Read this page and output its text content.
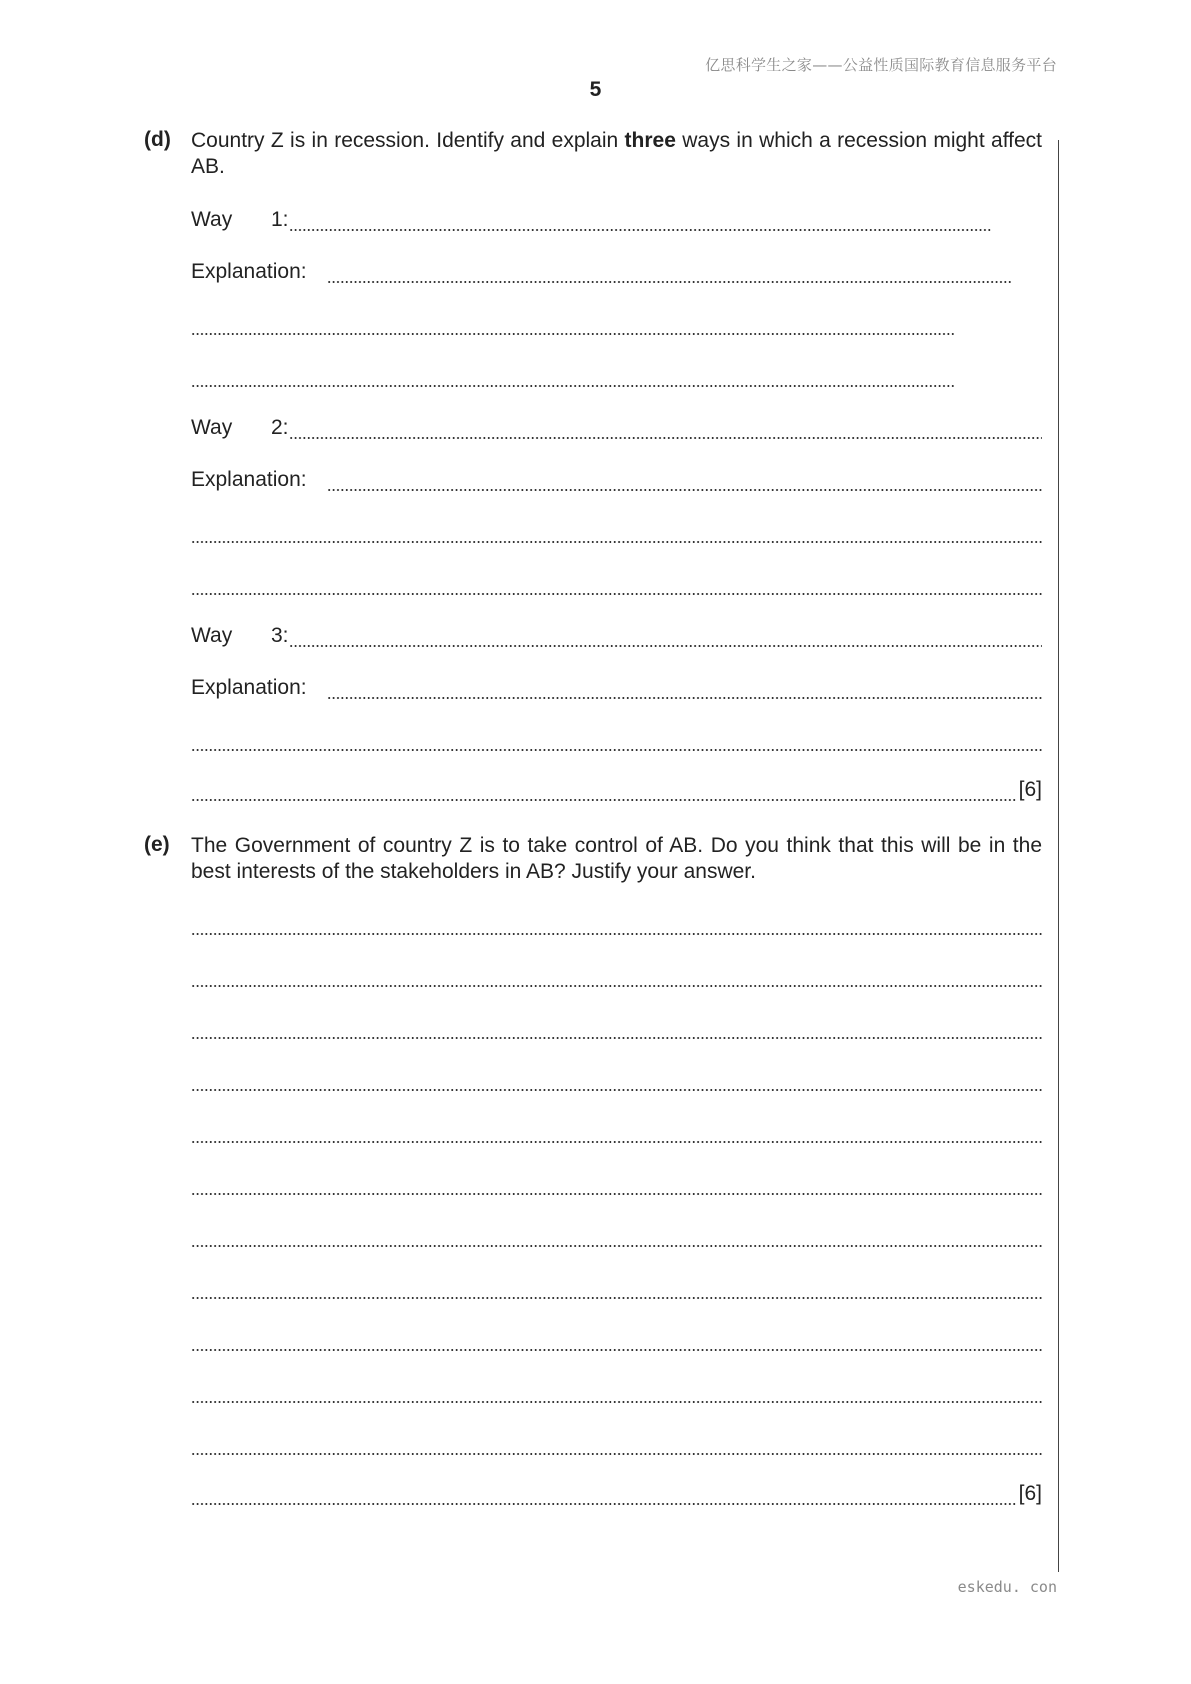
亿思科学生之家——公益性质国际教育信息服务平台
5
(d) Country Z is in recession. Identify and explain three ways in which a recession might affect AB.
Way	1:
Explanation:
Way	2:
Explanation:
Way	3:
Explanation:
[6]
(e) The Government of country Z is to take control of AB. Do you think that this will be in the best interests of the stakeholders in AB? Justify your answer.
[6]
eskedu. con
